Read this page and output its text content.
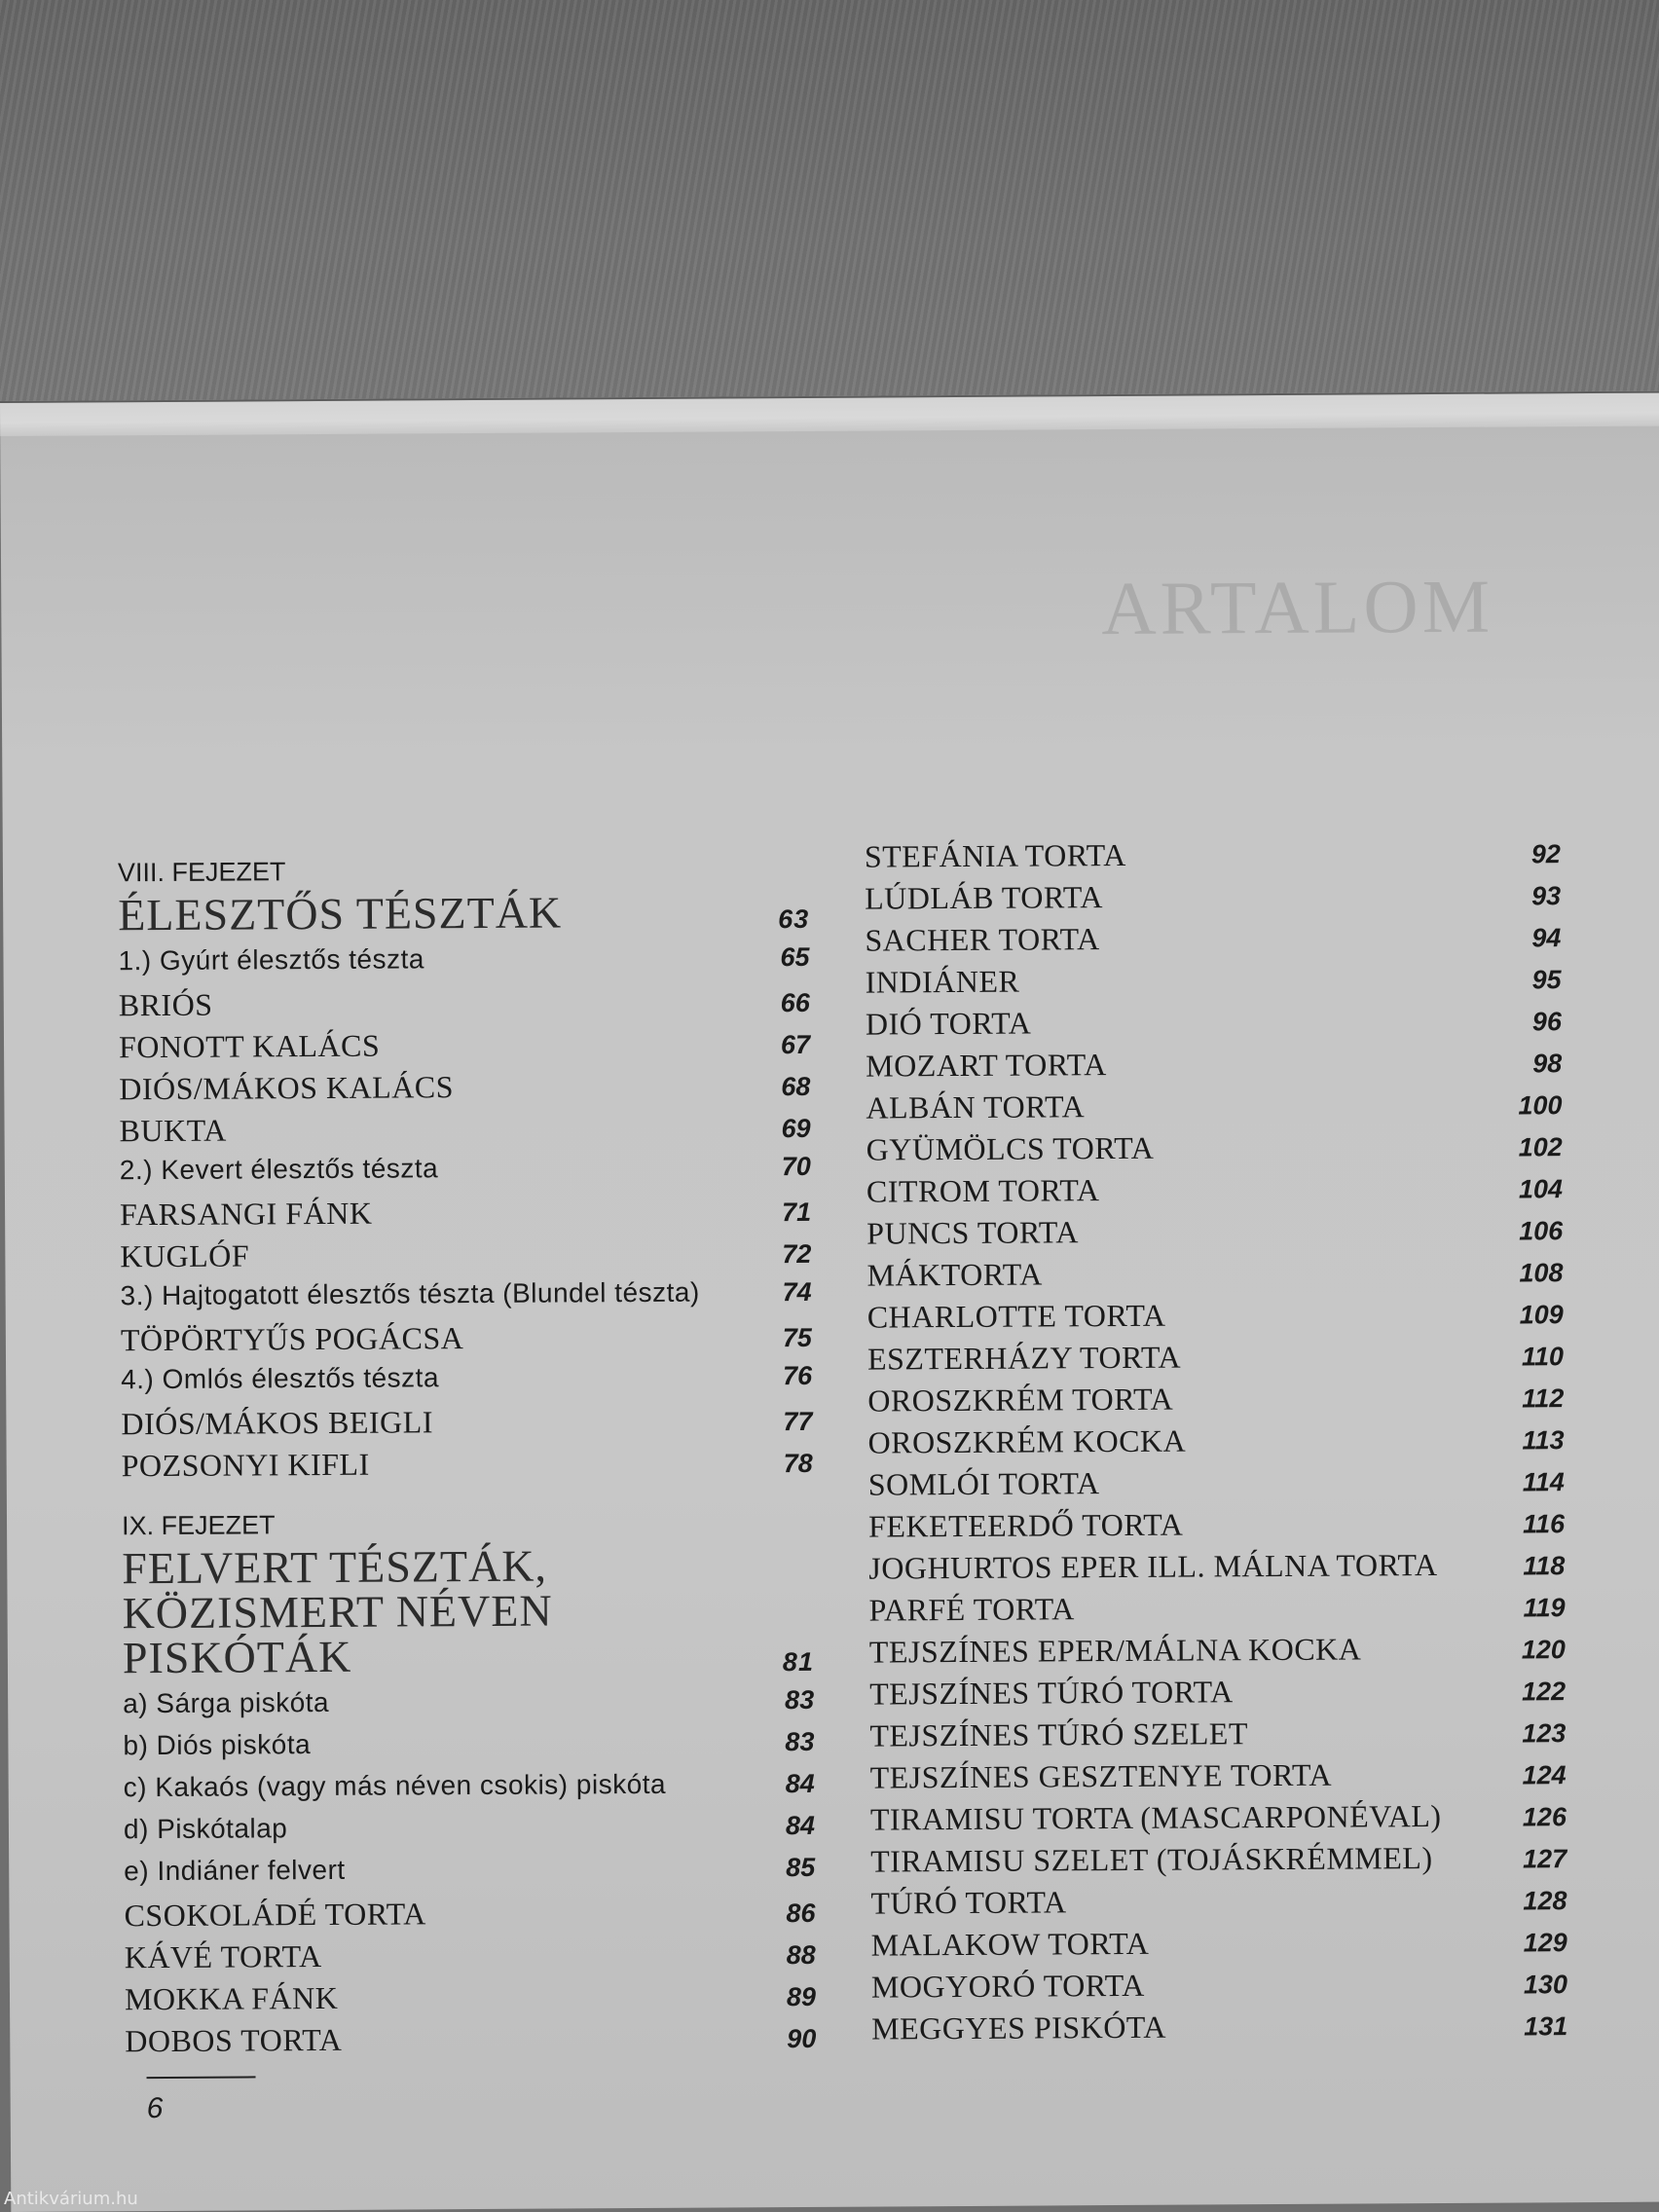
ARTALOM
VIII. FEJEZET
ÉLESZTŐS TÉSZTÁK	63
1.) Gyúrt élesztős tészta	65
BRIÓS	66
FONOTT KALÁCS	67
DIÓS/MÁKOS KALÁCS	68
BUKTA	69
2.) Kevert élesztős tészta	70
FARSANGI FÁNK	71
KUGLÓF	72
3.) Hajtogatott élesztős tészta (Blundel tészta)	74
TÖPÖRTYŰS POGÁCSA	75
4.) Omlós élesztős tészta	76
DIÓS/MÁKOS BEIGLI	77
POZSONYI KIFLI	78
IX. FEJEZET
FELVERT TÉSZTÁK, KÖZISMERT NÉVEN PISKÓTÁK	81
a) Sárga piskóta	83
b) Diós piskóta	83
c) Kakaós (vagy más néven csokis) piskóta	84
d) Piskótalap	84
e) Indiáner felvert	85
CSOKOLÁDÉ TORTA	86
KÁVÉ TORTA	88
MOKKA FÁNK	89
DOBOS TORTA	90
STEFÁNIA TORTA	92
LÚDLÁB TORTA	93
SACHER TORTA	94
INDIÁNER	95
DIÓ TORTA	96
MOZART TORTA	98
ALBÁN TORTA	100
GYÜMÖLCS TORTA	102
CITROM TORTA	104
PUNCS TORTA	106
MÁKTORTA	108
CHARLOTTE TORTA	109
ESZTERHÁZY TORTA	110
OROSZKRÉM TORTA	112
OROSZKRÉM KOCKA	113
SOMLÓI TORTA	114
FEKETEERDŐ TORTA	116
JOGHURTOS EPER ILL. MÁLNA TORTA	118
PARFÉ TORTA	119
TEJSZÍNES EPER/MÁLNA KOCKA	120
TEJSZÍNES TÚRÓ TORTA	122
TEJSZÍNES TÚRÓ SZELET	123
TEJSZÍNES GESZTENYE TORTA	124
TIRAMISU TORTA (MASCARPONÉVAL)	126
TIRAMISU SZELET (TOJÁSKRÉMMEL)	127
TÚRÓ TORTA	128
MALAKOW TORTA	129
MOGYORÓ TORTA	130
MEGGYES PISKÓTA	131
6
Antikvárium.hu
